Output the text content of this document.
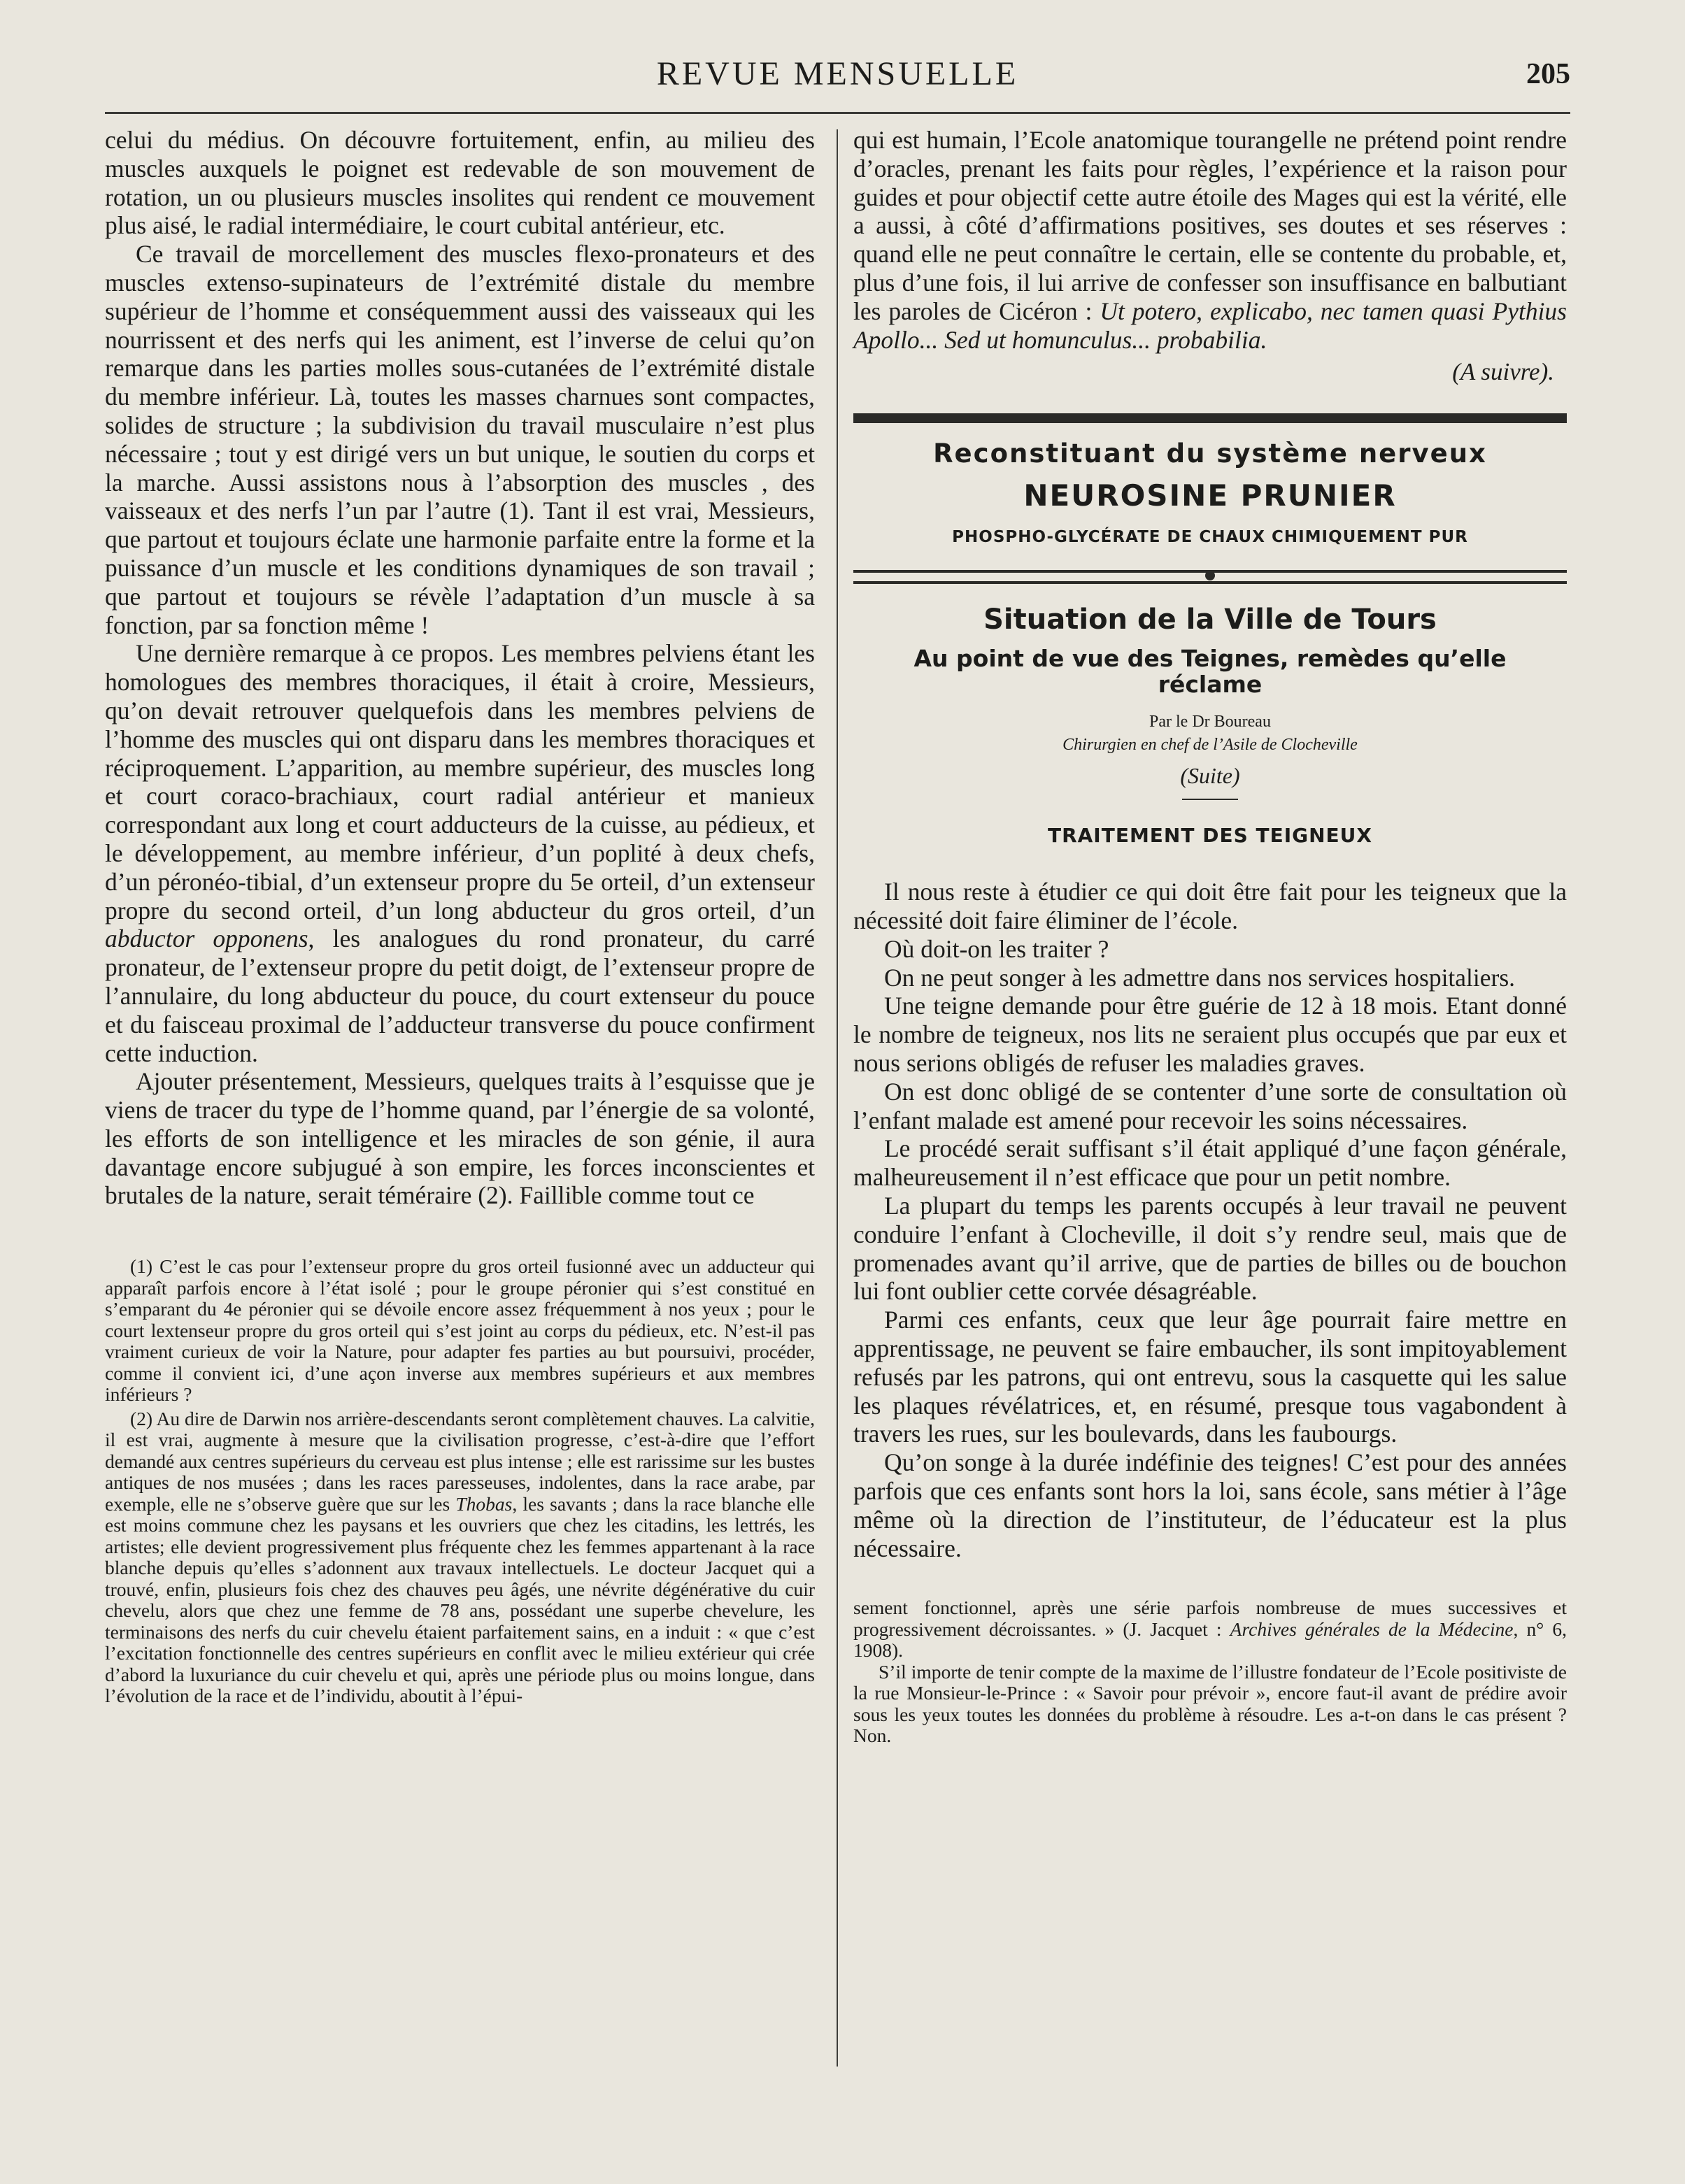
REVUE MENSUELLE	205

celui du médius. On découvre fortuitement, enfin, au milieu des muscles auxquels le poignet est redevable de son mouvement de rotation, un ou plusieurs muscles insolites qui rendent ce mouvement plus aisé, le radial intermédiaire, le court cubital antérieur, etc.

Ce travail de morcellement des muscles flexo-pronateurs et des muscles extenso-supinateurs de l’extrémité distale du membre supérieur de l’homme et conséquemment aussi des vaisseaux qui les nourrissent et des nerfs qui les animent, est l’inverse de celui qu’on remarque dans les parties molles sous-cutanées de l’extrémité distale du membre inférieur. Là, toutes les masses charnues sont compactes, solides de structure ; la subdivision du travail musculaire n’est plus nécessaire ; tout y est dirigé vers un but unique, le soutien du corps et la marche. Aussi assistons nous à l’absorption des muscles , des vaisseaux et des nerfs l’un par l’autre (1). Tant il est vrai, Messieurs, que partout et toujours éclate une harmonie parfaite entre la forme et la puissance d’un muscle et les conditions dynamiques de son travail ; que partout et toujours se révèle l’adaptation d’un muscle à sa fonction, par sa fonction même !

Une dernière remarque à ce propos. Les membres pelviens étant les homologues des membres thoraciques, il était à croire, Messieurs, qu’on devait retrouver quelquefois dans les membres pelviens de l’homme des muscles qui ont disparu dans les membres thoraciques et réciproquement. L’apparition, au membre supérieur, des muscles long et court coraco-brachiaux, court radial antérieur et manieux correspondant aux long et court adducteurs de la cuisse, au pédieux, et le développement, au membre inférieur, d’un poplité à deux chefs, d’un péronéo-tibial, d’un extenseur propre du 5e orteil, d’un extenseur propre du second orteil, d’un long abducteur du gros orteil, d’un abductor opponens, les analogues du rond pronateur, du carré pronateur, de l’extenseur propre du petit doigt, de l’extenseur propre de l’annulaire, du long abducteur du pouce, du court extenseur du pouce et du faisceau proximal de l’adducteur transverse du pouce confirment cette induction.

Ajouter présentement, Messieurs, quelques traits à l’esquisse que je viens de tracer du type de l’homme quand, par l’énergie de sa volonté, les efforts de son intelligence et les miracles de son génie, il aura davantage encore subjugué à son empire, les forces inconscientes et brutales de la nature, serait téméraire (2). Faillible comme tout ce

(1) C’est le cas pour l’extenseur propre du gros orteil fusionné avec un adducteur qui apparaît parfois encore à l’état isolé ; pour le groupe péronier qui s’est constitué en s’emparant du 4e péronier qui se dévoile encore assez fréquemment à nos yeux ; pour le court lextenseur propre du gros orteil qui s’est joint au corps du pédieux, etc. N’est-il pas vraiment curieux de voir la Nature, pour adapter fes parties au but poursuivi, procéder, comme il convient ici, d’une açon inverse aux membres supérieurs et aux membres inférieurs ?

(2) Au dire de Darwin nos arrière-descendants seront complètement chauves. La calvitie, il est vrai, augmente à mesure que la civilisation progresse, c’est-à-dire que l’effort demandé aux centres supérieurs du cerveau est plus intense ; elle est rarissime sur les bustes antiques de nos musées ; dans les races paresseuses, indolentes, dans la race arabe, par exemple, elle ne s’observe guère que sur les Thobas, les savants ; dans la race blanche elle est moins commune chez les paysans et les ouvriers que chez les citadins, les lettrés, les artistes; elle devient progressivement plus fréquente chez les femmes appartenant à la race blanche depuis qu’elles s’adonnent aux travaux intellectuels. Le docteur Jacquet qui a trouvé, enfin, plusieurs fois chez des chauves peu âgés, une névrite dégénérative du cuir chevelu, alors que chez une femme de 78 ans, possédant une superbe chevelure, les terminaisons des nerfs du cuir chevelu étaient parfaitement sains, en a induit : « que c’est l’excitation fonctionnelle des centres supérieurs en conflit avec le milieu extérieur qui crée d’abord la luxuriance du cuir chevelu et qui, après une période plus ou moins longue, dans l’évolution de la race et de l’individu, aboutit à l’épui-

qui est humain, l’Ecole anatomique tourangelle ne prétend point rendre d’oracles, prenant les faits pour règles, l’expérience et la raison pour guides et pour objectif cette autre étoile des Mages qui est la vérité, elle a aussi, à côté d’affirmations positives, ses doutes et ses réserves : quand elle ne peut connaître le certain, elle se contente du probable, et, plus d’une fois, il lui arrive de confesser son insuffisance en balbutiant les paroles de Cicéron : Ut potero, explicabo, nec tamen quasi Pythius Apollo... Sed ut homunculus... probabilia.

(A suivre).

Reconstituant du système nerveux
NEUROSINE PRUNIER
PHOSPHO-GLYCÉRATE DE CHAUX CHIMIQUEMENT PUR
Situation de la Ville de Tours
Au point de vue des Teignes, remèdes qu’elle réclame
Par le Dr Boureau
Chirurgien en chef de l’Asile de Clocheville
(Suite)
TRAITEMENT DES TEIGNEUX

Il nous reste à étudier ce qui doit être fait pour les teigneux que la nécessité doit faire éliminer de l’école.

Où doit-on les traiter ?

On ne peut songer à les admettre dans nos services hospitaliers.

Une teigne demande pour être guérie de 12 à 18 mois. Etant donné le nombre de teigneux, nos lits ne seraient plus occupés que par eux et nous serions obligés de refuser les maladies graves.

On est donc obligé de se contenter d’une sorte de consultation où l’enfant malade est amené pour recevoir les soins nécessaires.

Le procédé serait suffisant s’il était appliqué d’une façon générale, malheureusement il n’est efficace que pour un petit nombre.

La plupart du temps les parents occupés à leur travail ne peuvent conduire l’enfant à Clocheville, il doit s’y rendre seul, mais que de promenades avant qu’il arrive, que de parties de billes ou de bouchon lui font oublier cette corvée désagréable.

Parmi ces enfants, ceux que leur âge pourrait faire mettre en apprentissage, ne peuvent se faire embaucher, ils sont impitoyablement refusés par les patrons, qui ont entrevu, sous la casquette qui les salue les plaques révélatrices, et, en résumé, presque tous vagabondent à travers les rues, sur les boulevards, dans les faubourgs.

Qu’on songe à la durée indéfinie des teignes! C’est pour des années parfois que ces enfants sont hors la loi, sans école, sans métier à l’âge même où la direction de l’instituteur, de l’éducateur est la plus nécessaire.

sement fonctionnel, après une série parfois nombreuse de mues successives et progressivement décroissantes. » (J. Jacquet : Archives générales de la Médecine, n° 6, 1908).

S’il importe de tenir compte de la maxime de l’illustre fondateur de l’Ecole positiviste de la rue Monsieur-le-Prince : « Savoir pour prévoir », encore faut-il avant de prédire avoir sous les yeux toutes les données du problème à résoudre. Les a-t-on dans le cas présent ? Non.
